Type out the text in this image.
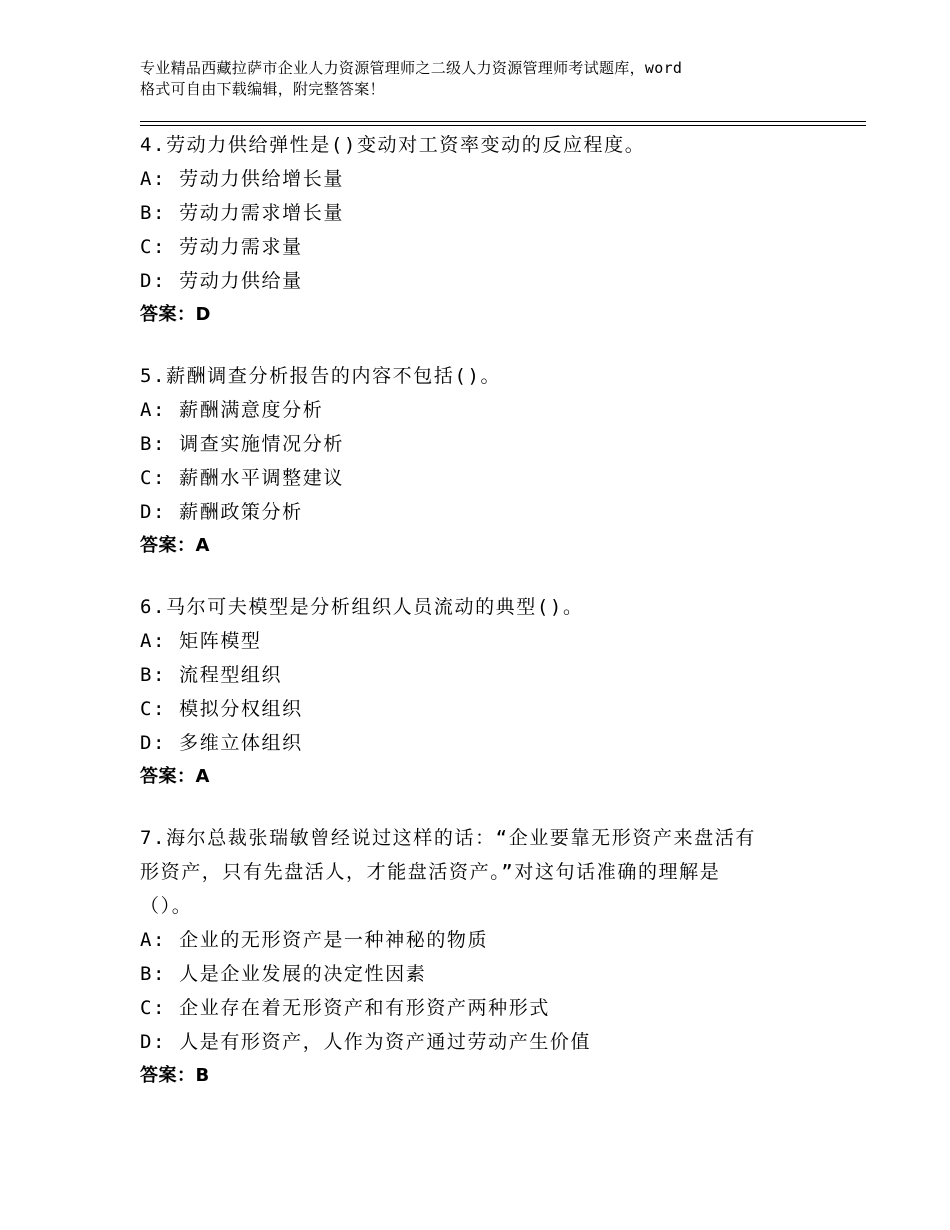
专业精品西藏拉萨市企业人力资源管理师之二级人力资源管理师考试题库，word
格式可自由下载编辑，附完整答案！
4.劳动力供给弹性是()变动对工资率变动的反应程度。
A: 劳动力供给增长量
B: 劳动力需求增长量
C: 劳动力需求量
D: 劳动力供给量
答案：D
5.薪酬调查分析报告的内容不包括()。
A: 薪酬满意度分析
B: 调查实施情况分析
C: 薪酬水平调整建议
D: 薪酬政策分析
答案：A
6.马尔可夫模型是分析组织人员流动的典型()。
A: 矩阵模型
B: 流程型组织
C: 模拟分权组织
D: 多维立体组织
答案：A
7.海尔总裁张瑞敏曾经说过这样的话：“企业要靠无形资产来盘活有
形资产，只有先盘活人，才能盘活资产。”对这句话准确的理解是
（）。
A: 企业的无形资产是一种神秘的物质
B: 人是企业发展的决定性因素
C: 企业存在着无形资产和有形资产两种形式
D: 人是有形资产，人作为资产通过劳动产生价值
答案：B
